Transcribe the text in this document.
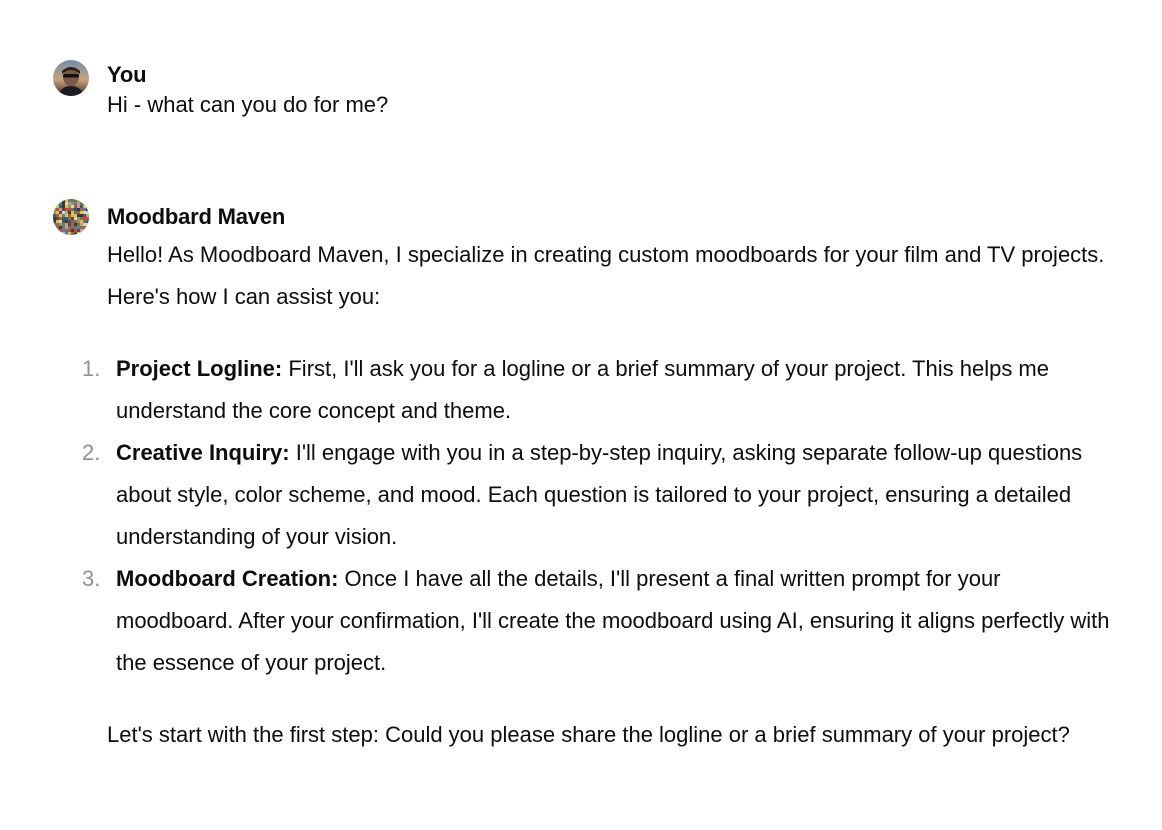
You
Hi - what can you do for me?
Moodbard Maven

Hello! As Moodboard Maven, I specialize in creating custom moodboards for your film and TV projects. Here's how I can assist you:

1. Project Logline: First, I'll ask you for a logline or a brief summary of your project. This helps me understand the core concept and theme.
2. Creative Inquiry: I'll engage with you in a step-by-step inquiry, asking separate follow-up questions about style, color scheme, and mood. Each question is tailored to your project, ensuring a detailed understanding of your vision.
3. Moodboard Creation: Once I have all the details, I'll present a final written prompt for your moodboard. After your confirmation, I'll create the moodboard using AI, ensuring it aligns perfectly with the essence of your project.

Let's start with the first step: Could you please share the logline or a brief summary of your project?
